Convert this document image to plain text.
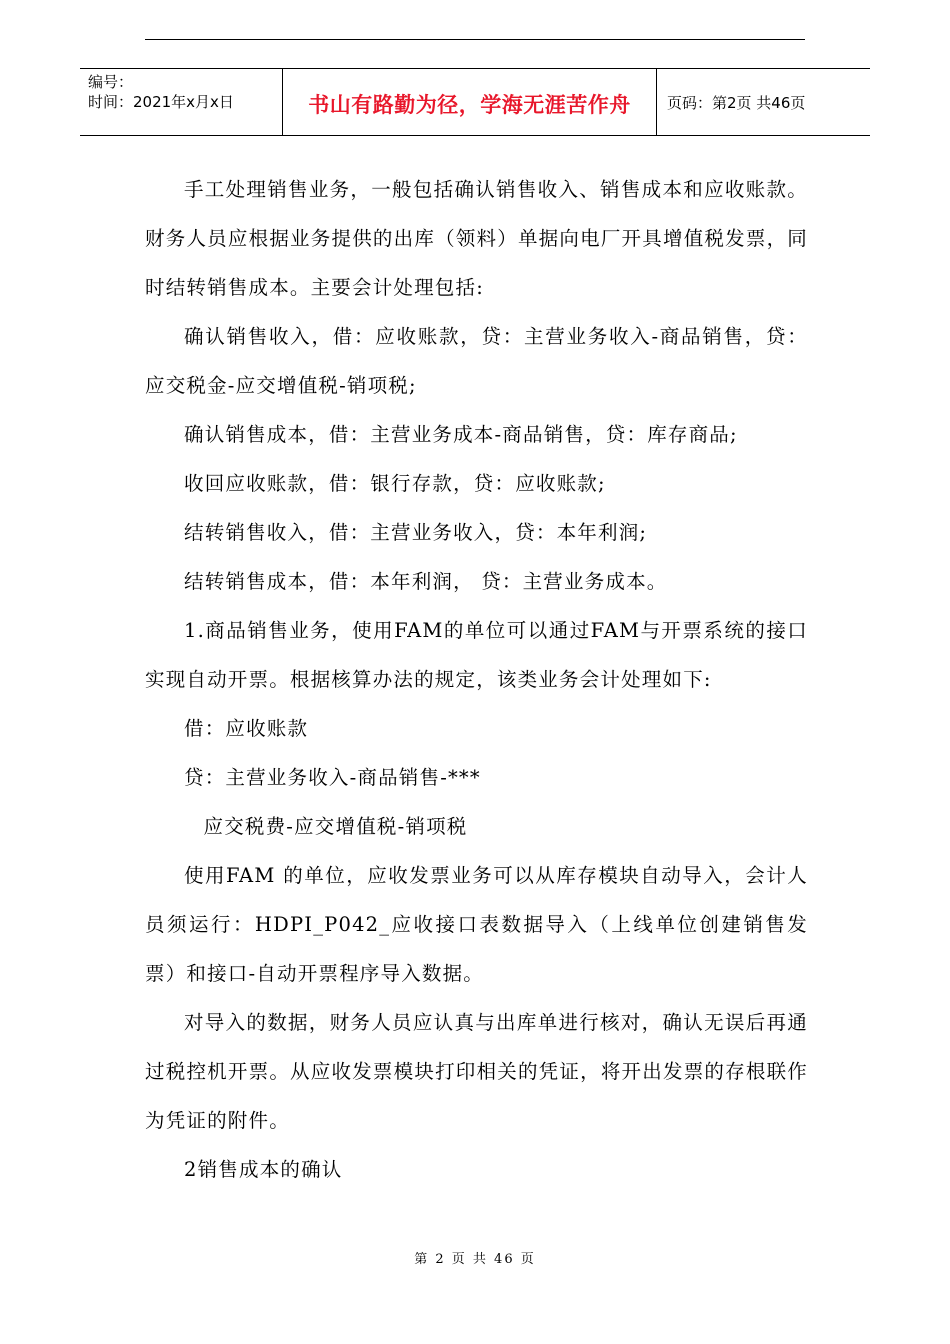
编号：
时间：2021年x月x日	书山有路勤为径，学海无涯苦作舟 页码：第2页 共46页

手工处理销售业务，一般包括确认销售收入、销售成本和应收账款。财务人员应根据业务提供的出库（领料）单据向电厂开具增值税发票，同时结转销售成本。主要会计处理包括:

确认销售收入，借：应收账款，贷：主营业务收入-商品销售，贷：应交税金-应交增值税-销项税;

确认销售成本，借：主营业务成本-商品销售，贷：库存商品;

收回应收账款，借：银行存款，贷：应收账款;

结转销售收入，借：主营业务收入，贷：本年利润;

结转销售成本，借：本年利润， 贷：主营业务成本。

1.商品销售业务，使用FAM的单位可以通过FAM与开票系统的接口实现自动开票。根据核算办法的规定，该类业务会计处理如下:

借：应收账款

贷：主营业务收入-商品销售-***

应交税费-应交增值税-销项税

使用FAM 的单位，应收发票业务可以从库存模块自动导入，会计人员须运行：HDPI_P042_应收接口表数据导入（上线单位创建销售发票）和接口-自动开票程序导入数据。

对导入的数据，财务人员应认真与出库单进行核对，确认无误后再通过税控机开票。从应收发票模块打印相关的凭证，将开出发票的存根联作为凭证的附件。

2销售成本的确认

第 2 页 共 46 页
